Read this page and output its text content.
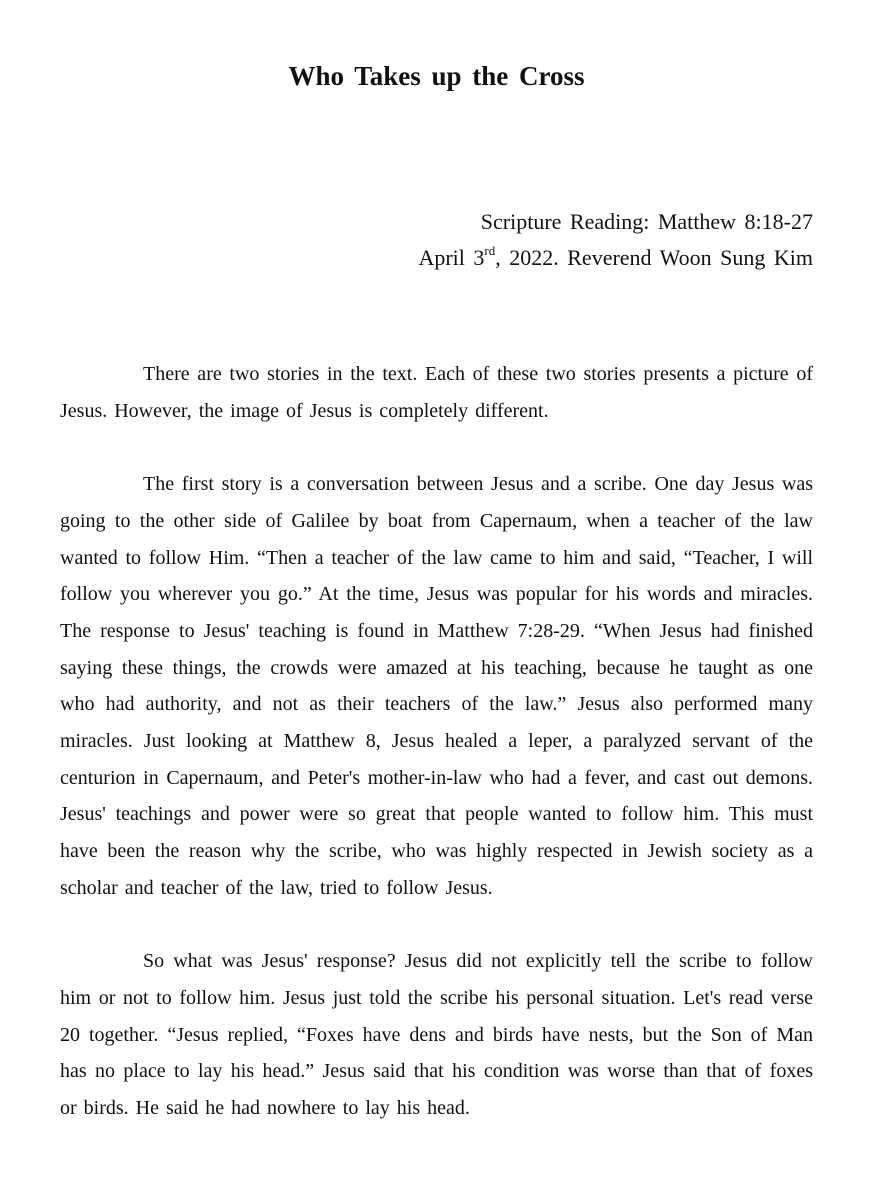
Who Takes up the Cross
Scripture Reading: Matthew 8:18-27
April 3rd, 2022. Reverend Woon Sung Kim

There are two stories in the text. Each of these two stories presents a picture of Jesus. However, the image of Jesus is completely different.

The first story is a conversation between Jesus and a scribe. One day Jesus was going to the other side of Galilee by boat from Capernaum, when a teacher of the law wanted to follow Him. “Then a teacher of the law came to him and said, “Teacher, I will follow you wherever you go.” At the time, Jesus was popular for his words and miracles. The response to Jesus' teaching is found in Matthew 7:28-29. “When Jesus had finished saying these things, the crowds were amazed at his teaching, because he taught as one who had authority, and not as their teachers of the law.” Jesus also performed many miracles. Just looking at Matthew 8, Jesus healed a leper, a paralyzed servant of the centurion in Capernaum, and Peter's mother-in-law who had a fever, and cast out demons. Jesus' teachings and power were so great that people wanted to follow him. This must have been the reason why the scribe, who was highly respected in Jewish society as a scholar and teacher of the law, tried to follow Jesus.

So what was Jesus' response? Jesus did not explicitly tell the scribe to follow him or not to follow him. Jesus just told the scribe his personal situation. Let's read verse 20 together. “Jesus replied, “Foxes have dens and birds have nests, but the Son of Man has no place to lay his head.” Jesus said that his condition was worse than that of foxes or birds. He said he had nowhere to lay his head.
